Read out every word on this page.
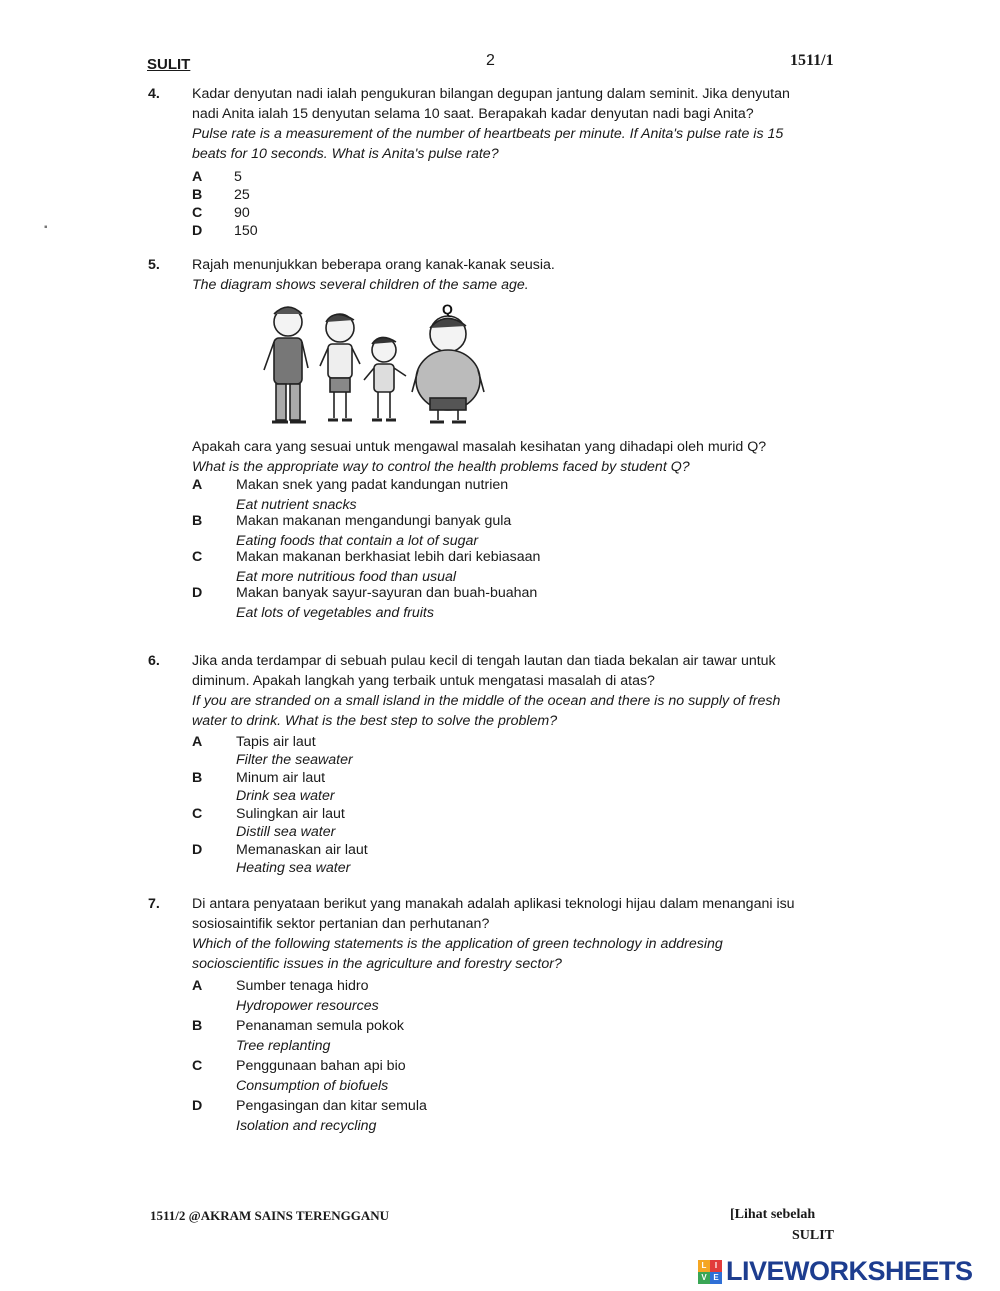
SULIT	2	1511/1
▪
4. Kadar denyutan nadi ialah pengukuran bilangan degupan jantung dalam seminit. Jika denyutan
nadi Anita ialah 15 denyutan selama 10 saat. Berapakah kadar denyutan nadi bagi Anita?
Pulse rate is a measurement of the number of heartbeats per minute. If Anita's pulse rate is 15
beats for 10 seconds. What is Anita's pulse rate?
A 5
B 25
C 90
D 150
5. Rajah menunjukkan beberapa orang kanak-kanak seusia.
The diagram shows several children of the same age.
Q
Apakah cara yang sesuai untuk mengawal masalah kesihatan yang dihadapi oleh murid Q?
What is the appropriate way to control the health problems faced by student Q?
A Makan snek yang padat kandungan nutrien
Eat nutrient snacks
B Makan makanan mengandungi banyak gula
Eating foods that contain a lot of sugar
C Makan makanan berkhasiat lebih dari kebiasaan
Eat more nutritious food than usual
D Makan banyak sayur-sayuran dan buah-buahan
Eat lots of vegetables and fruits
6. Jika anda terdampar di sebuah pulau kecil di tengah lautan dan tiada bekalan air tawar untuk
diminum. Apakah langkah yang terbaik untuk mengatasi masalah di atas?
If you are stranded on a small island in the middle of the ocean and there is no supply of fresh
water to drink. What is the best step to solve the problem?
A Tapis air laut
Filter the seawater
B Minum air laut
Drink sea water
C Sulingkan air laut
Distill sea water
D Memanaskan air laut
Heating sea water
7. Di antara penyataan berikut yang manakah adalah aplikasi teknologi hijau dalam menangani isu
sosiosaintifik sektor pertanian dan perhutanan?
Which of the following statements is the application of green technology in addresing
socioscientific issues in the agriculture and forestry sector?
A Sumber tenaga hidro
Hydropower resources
B Penanaman semula pokok
Tree replanting
C Penggunaan bahan api bio
Consumption of biofuels
D Pengasingan dan kitar semula
Isolation and recycling
1511/2 @AKRAM SAINS TERENGGANU	[Lihat sebelah
SULIT
L	I
V E LIVEWORKSHEETS
